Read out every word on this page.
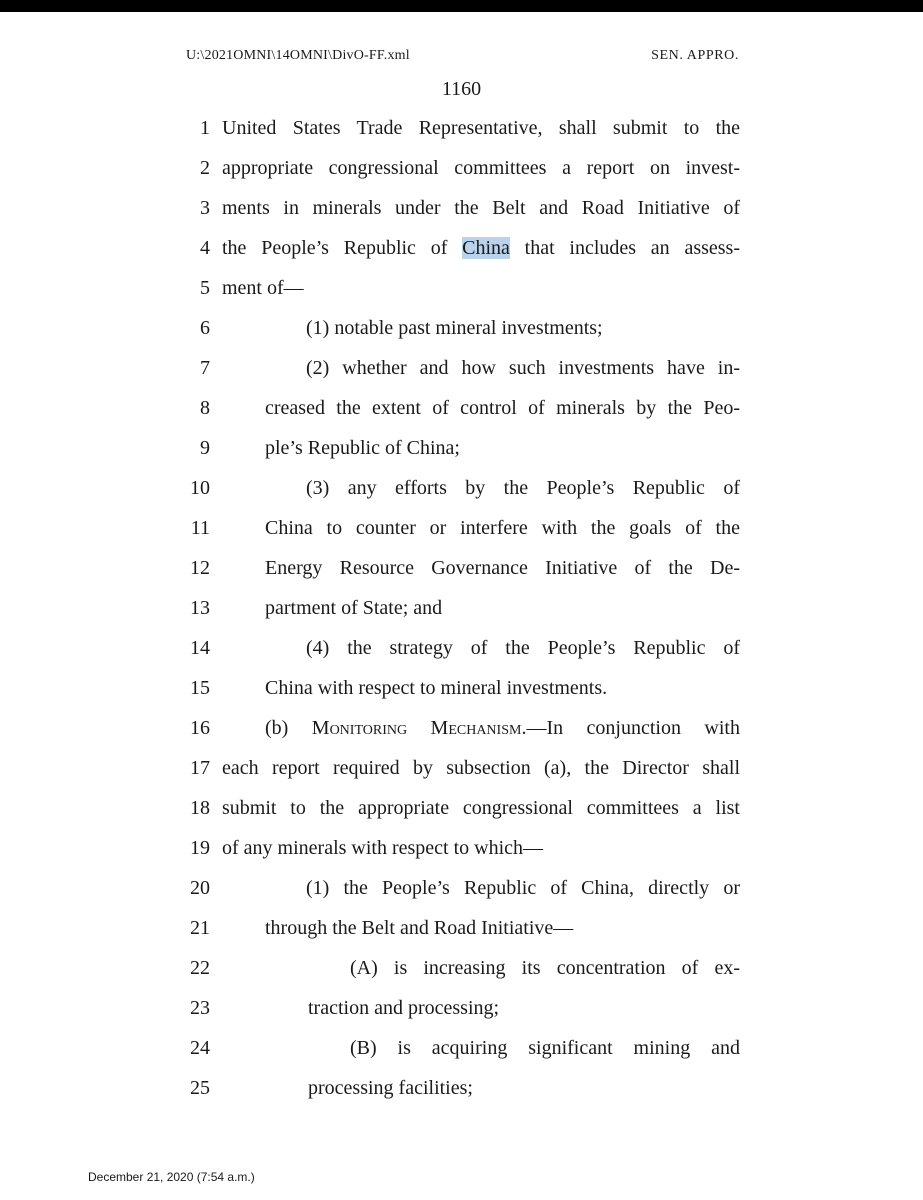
U:\2021OMNI\14OMNI\DivO-FF.xml	SEN. APPRO.
1160
1 United States Trade Representative, shall submit to the
2 appropriate congressional committees a report on invest-
3 ments in minerals under the Belt and Road Initiative of
4 the People’s Republic of China that includes an assess-
5 ment of—
6	(1) notable past mineral investments;
7	(2) whether and how such investments have in-
8	creased the extent of control of minerals by the Peo-
9	ple’s Republic of China;
10	(3) any efforts by the People’s Republic of
11	China to counter or interfere with the goals of the
12	Energy Resource Governance Initiative of the De-
13	partment of State; and
14	(4) the strategy of the People’s Republic of
15	China with respect to mineral investments.
16	(b) Monitoring Mechanism.—In conjunction with
17 each report required by subsection (a), the Director shall
18 submit to the appropriate congressional committees a list
19 of any minerals with respect to which—
20	(1) the People’s Republic of China, directly or
21	through the Belt and Road Initiative—
22	(A) is increasing its concentration of ex-
23	traction and processing;
24	(B) is acquiring significant mining and
25	processing facilities;
December 21, 2020 (7:54 a.m.)
